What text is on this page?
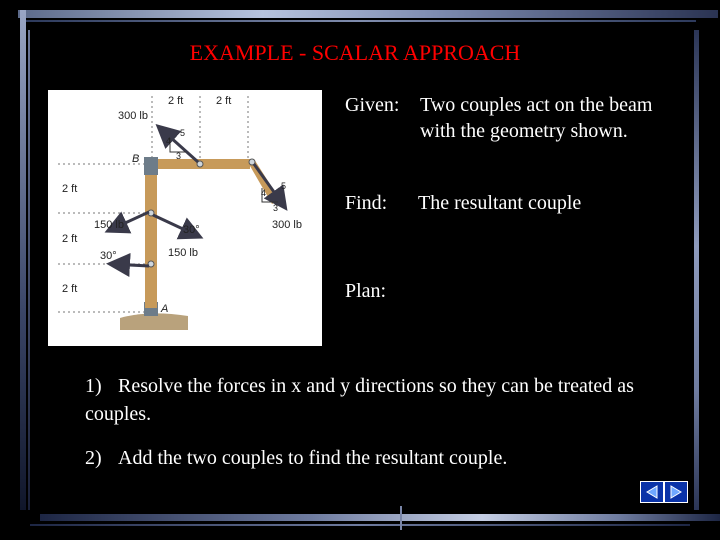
EXAMPLE - SCALAR APPROACH
2 ft	2 ft
300 lb
4
5
3
B
4
5
3
300 lb
2 ft
2 ft
2 ft
150 lb	30°
150 lb
30°
A
Given: Two couples act on the beam with the geometry shown.
Find: The resultant couple
Plan:
1) Resolve the forces in x and y directions so they can be treated as couples.
2) Add the two couples to find the resultant couple.
